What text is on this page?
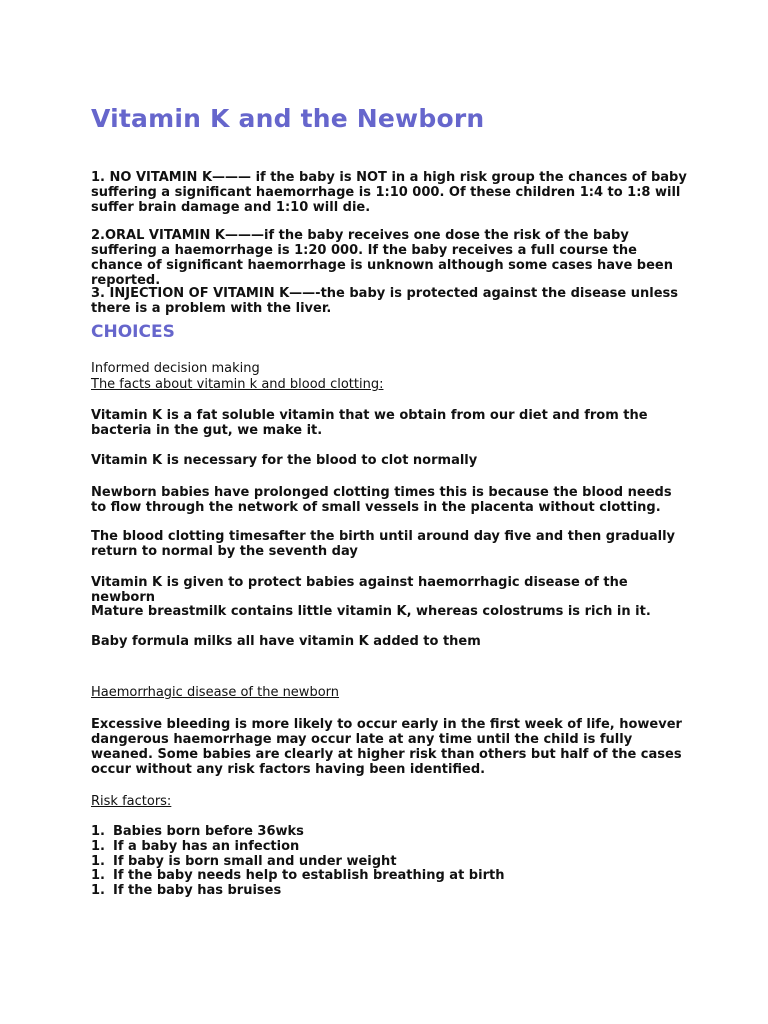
Vitamin K and the Newborn

1. NO VITAMIN K——— if the baby is NOT in a high risk group the chances of baby suffering a significant haemorrhage is 1:10 000. Of these children 1:4 to 1:8 will suffer brain damage and 1:10 will die.

2.ORAL VITAMIN K———if the baby receives one dose the risk of the baby suffering a haemorrhage is 1:20 000. If the baby receives a full course the chance of significant haemorrhage is unknown although some cases have been reported.

3. INJECTION OF VITAMIN K——-the baby is protected against the disease unless there is a problem with the liver.

CHOICES

Informed decision making

The facts about vitamin k and blood clotting:

Vitamin K is a fat soluble vitamin that we obtain from our diet and from the bacteria in the gut, we make it.

Vitamin K is necessary for the blood to clot normally

Newborn babies have prolonged clotting times this is because the blood needs to flow through the network of small vessels in the placenta without clotting.

The blood clotting timesafter the birth until around day five and then gradually return to normal by the seventh day

Vitamin K is given to protect babies against haemorrhagic disease of the newborn

Mature breastmilk contains little vitamin K, whereas colostrums is rich in it.

Baby formula milks all have vitamin K added to them

Haemorrhagic disease of the newborn

Excessive bleeding is more likely to occur early in the first week of life, however dangerous haemorrhage may occur late at any time until the child is fully weaned. Some babies are clearly at higher risk than others but half of the cases occur without any risk factors having been identified.

Risk factors:

1. Babies born before 36wks
1. If a baby has an infection
1. If baby is born small and under weight
1. If the baby needs help to establish breathing at birth
1. If the baby has bruises
